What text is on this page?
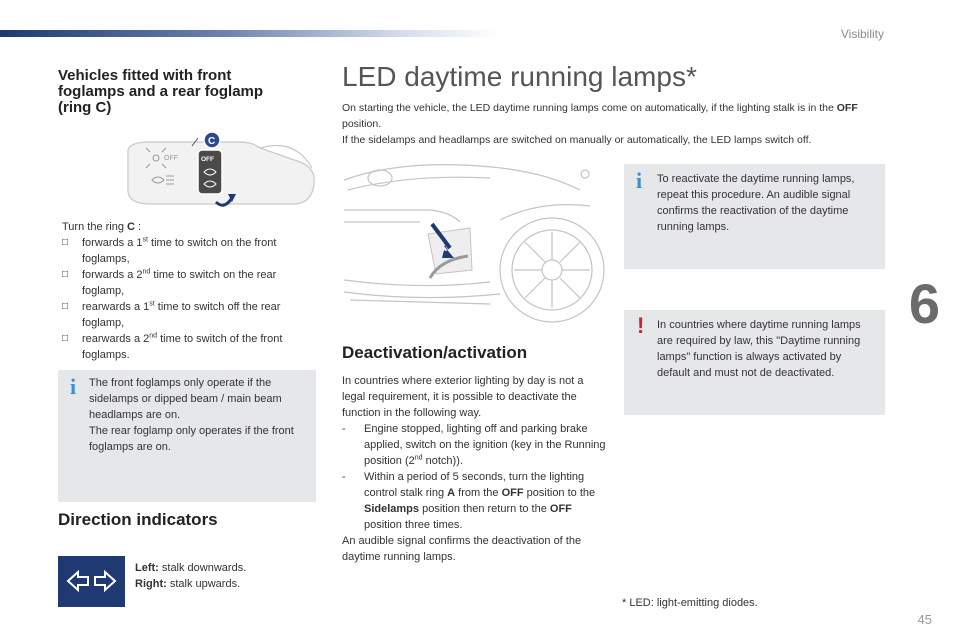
Visibility
6
45
Vehicles fitted with front foglamps and a rear foglamp (ring C)
OFF	OFF
C
Turn the ring C :
□ forwards a 1st time to switch on the front foglamps,
□ forwards a 2nd time to switch on the rear foglamp,
□ rearwards a 1st time to switch off the rear foglamp,
□ rearwards a 2nd time to switch of the front foglamps.
i The front foglamps only operate if the sidelamps or dipped beam / main beam headlamps are on.
The rear foglamp only operates if the front foglamps are on.
Direction indicators
Left: stalk downwards.
Right: stalk upwards.
LED daytime running lamps*

On starting the vehicle, the LED daytime running lamps come on automatically, if the lighting stalk is in the OFF position.

If the sidelamps and headlamps are switched on manually or automatically, the LED lamps switch off.

i To reactivate the daytime running lamps, repeat this procedure. An audible signal confirms the reactivation of the daytime running lamps.
! In countries where daytime running lamps are required by law, this "Daytime running lamps" function is always activated by default and must not de deactivated.
Deactivation/activation

In countries where exterior lighting by day is not a legal requirement, it is possible to deactivate the function in the following way.

- Engine stopped, lighting off and parking brake applied, switch on the ignition (key in the Running position (2nd notch)).

- Within a period of 5 seconds, turn the lighting control stalk ring A from the OFF position to the Sidelamps position then return to the OFF position three times.

An audible signal confirms the deactivation of the daytime running lamps.

* LED: light-emitting diodes.
